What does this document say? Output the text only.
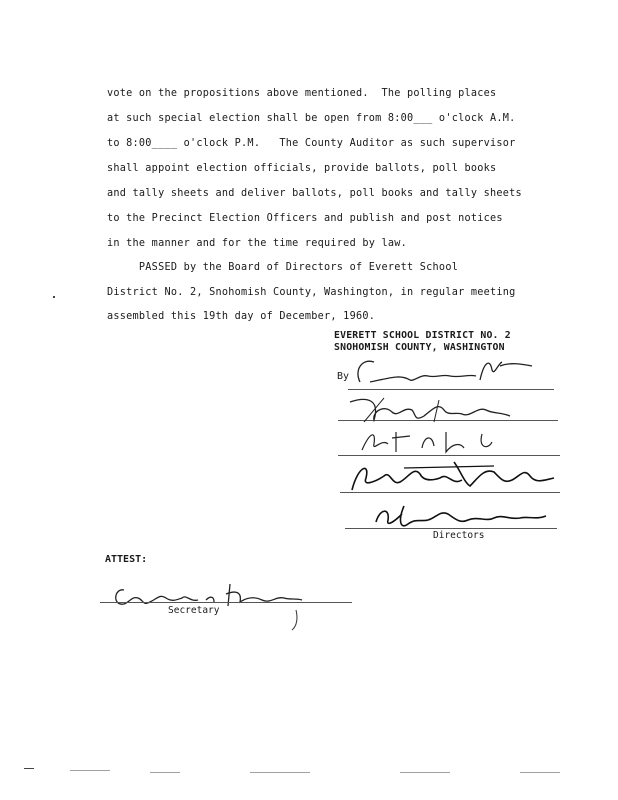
vote on the propositions above mentioned.  The polling places
at such special election shall be open from 8:00___ o'clock A.M.
to 8:00____ o'clock P.M.   The County Auditor as such supervisor
shall appoint election officials, provide ballots, poll books
and tally sheets and deliver ballots, poll books and tally sheets
to the Precinct Election Officers and publish and post notices
in the manner and for the time required by law.
PASSED by the Board of Directors of Everett School
District No. 2, Snohomish County, Washington, in regular meeting
assembled this 19th day of December, 1960.
EVERETT SCHOOL DISTRICT NO. 2
SNOHOMISH COUNTY, WASHINGTON
By
Directors
ATTEST:
Secretary
